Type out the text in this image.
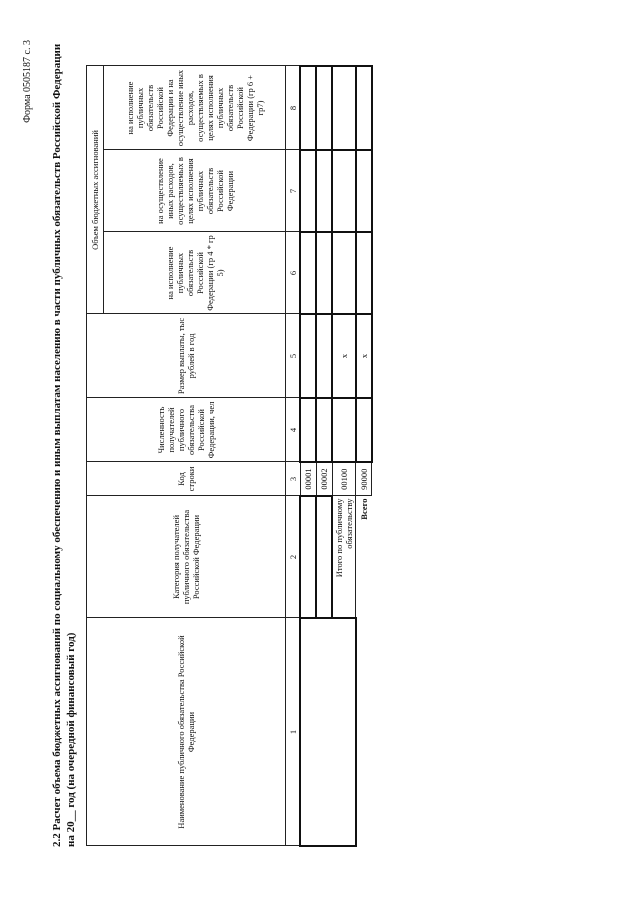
Форма 0505187 с. 3 2.2 Расчет объема бюджетных ассигнований по социальному обеспечению и иным выплатам населению в части публичных обязательств Российской Федерации на 20__ год (на очередной финансовый год)	Наименование публичного обязательства Российской Федерации	Категория получателей публичного обязательства Российской Федерации	Код строки	Численность получателей публичного обязательства Российской Федерации, чел	Размер выплаты, тыс рублей в год	Объем бюджетных ассигнований		
					на исполнение публичных обязательств Российской Федерации (гр 4 * гр 5)	на осуществление иных расходов, осуществляемых в целях исполнения публичных обязательств Российской Федерации	на исполнение публичных обязательств Российской Федерации и на осуществление иных расходов, осуществляемых в целях исполнения публичных обязательств Российской Федерации (гр 6 + гр7)
1	2	3	4	5	6	7	8
		00001					
		00002					
	Итого по публичному обязательству	00100		x			
	Всего	90000		x			
